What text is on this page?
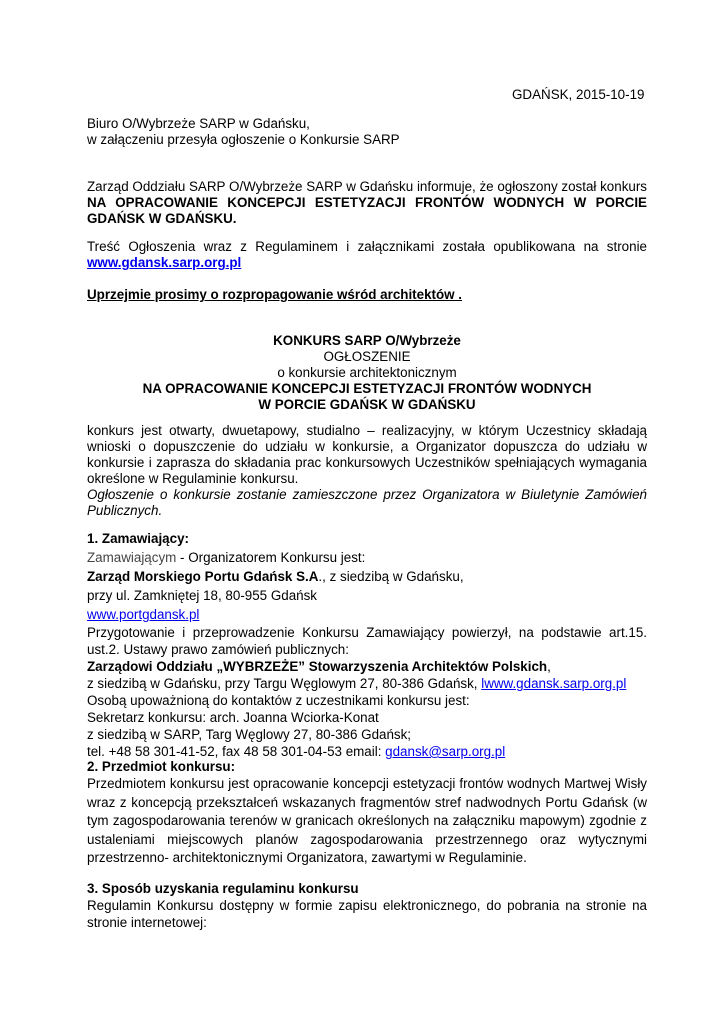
GDAŃSK, 2015-10-19
Biuro O/Wybrzeże SARP w Gdańsku,
w załączeniu przesyła ogłoszenie o Konkursie SARP
Zarząd Oddziału SARP O/Wybrzeże SARP w Gdańsku informuje, że ogłoszony został konkurs NA OPRACOWANIE KONCEPCJI ESTETYZACJI FRONTÓW WODNYCH W PORCIE GDAŃSK W GDAŃSKU.
Treść Ogłoszenia wraz z Regulaminem i załącznikami została opublikowana na stronie www.gdansk.sarp.org.pl
Uprzejmie prosimy o rozpropagowanie wśród architektów .
KONKURS SARP O/Wybrzeże
OGŁOSZENIE
o konkursie architektonicznym
NA OPRACOWANIE KONCEPCJI ESTETYZACJI FRONTÓW WODNYCH
W PORCIE GDAŃSK W GDAŃSKU
konkurs jest otwarty, dwuetapowy, studialno – realizacyjny, w którym Uczestnicy składają wnioski o dopuszczenie do udziału w konkursie, a Organizator dopuszcza do udziału w konkursie i zaprasza do składania prac konkursowych Uczestników spełniających wymagania określone w Regulaminie konkursu.
Ogłoszenie o konkursie zostanie zamieszczone przez Organizatora w Biuletynie Zamówień Publicznych.
1. Zamawiający:
Zamawiającym - Organizatorem Konkursu jest:
Zarząd Morskiego Portu Gdańsk S.A., z siedzibą w Gdańsku,
przy ul. Zamkniętej 18, 80-955 Gdańsk
www.portgdansk.pl
Przygotowanie i przeprowadzenie Konkursu Zamawiający powierzył, na podstawie art.15. ust.2. Ustawy prawo zamówień publicznych:
Zarządowi Oddziału „WYBRZEŻE” Stowarzyszenia Architektów Polskich,
z siedzibą w Gdańsku, przy Targu Węglowym 27, 80-386 Gdańsk, lwww.gdansk.sarp.org.pl
Osobą upoważnioną do kontaktów z uczestnikami konkursu jest:
Sekretarz konkursu: arch. Joanna Wciorka-Konat
z siedzibą w SARP, Targ Węglowy 27, 80-386 Gdańsk;
tel. +48 58 301-41-52, fax 48 58 301-04-53 email: gdansk@sarp.org.pl
2. Przedmiot konkursu:
Przedmiotem konkursu jest opracowanie koncepcji estetyzacji frontów wodnych Martwej Wisły wraz z koncepcją przekształceń wskazanych fragmentów stref nadwodnych Portu Gdańsk (w tym zagospodarowania terenów w granicach określonych na załączniku mapowym) zgodnie z ustaleniami miejscowych planów zagospodarowania przestrzennego oraz wytycznymi przestrzenno- architektonicznymi Organizatora, zawartymi w Regulaminie.
3. Sposób uzyskania regulaminu konkursu
Regulamin Konkursu dostępny w formie zapisu elektronicznego, do pobrania na stronie na stronie internetowej:
